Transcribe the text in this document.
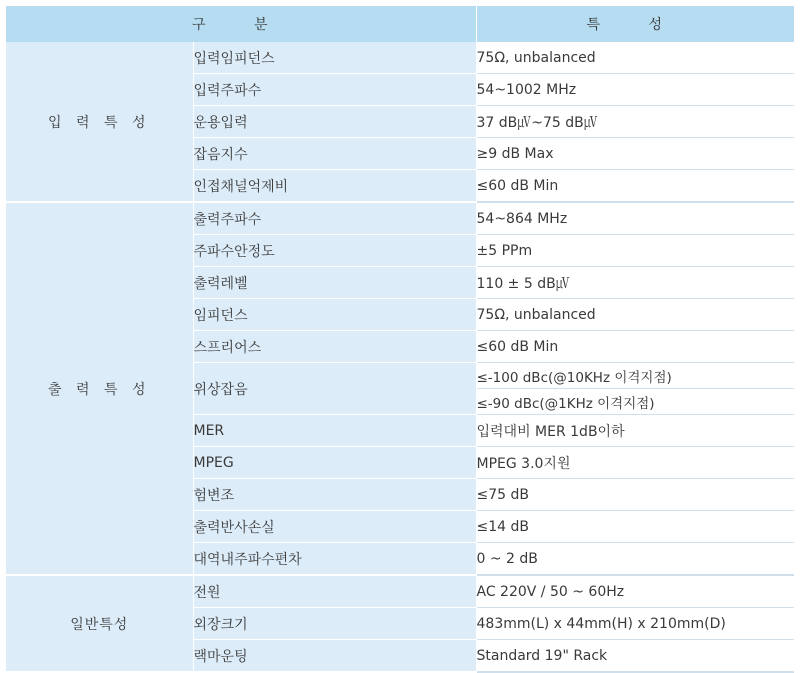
구 분		특 성
입 력 특 성	입력임피던스	75Ω, unbalanced
	입력주파수	54~1002 MHz
	운용입력	37 dB㎶~75 dB㎶
	잡음지수	≥9 dB Max
	인접채널억제비	≤60 dB Min
출 력 특 성	출력주파수	54~864 MHz
	주파수안정도	±5 PPm
	출력레벨	110 ± 5 dB㎶
	임피던스	75Ω, unbalanced
	스프리어스	≤60 dB Min
	위상잡음	≤-100 dBc(@10KHz 이격지점)
		≤-90 dBc(@1KHz 이격지점)
	MER	입력대비 MER 1dB이하
	MPEG	MPEG 3.0지원
	험변조	≤75 dB
	출력반사손실	≤14 dB
	대역내주파수편차	0 ~ 2 dB
일반특성	전원	AC 220V / 50 ~ 60Hz
	외장크기	483mm(L) x 44mm(H) x 210mm(D)
	랙마운팅	Standard 19" Rack
